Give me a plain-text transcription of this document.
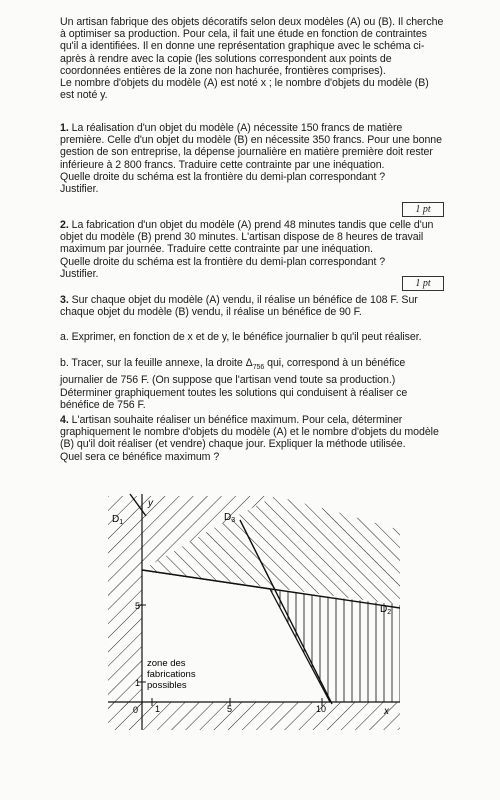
Un artisan fabrique des objets décoratifs selon deux modèles (A) ou (B). Il cherche à optimiser sa production. Pour cela, il fait une étude en fonction de contraintes qu'il a identifiées. Il en donne une représentation graphique avec le schéma ci-après à rendre avec la copie (les solutions correspondent aux points de coordonnées entières de la zone non hachurée, frontières comprises).

Le nombre d'objets du modèle (A) est noté x ; le nombre d'objets du modèle (B) est noté y.

1. La réalisation d'un objet du modèle (A) nécessite 150 francs de matière première. Celle d'un objet du modèle (B) en nécessite 350 francs. Pour une bonne gestion de son entreprise, la dépense journalière en matière première doit rester inférieure à 2 800 francs. Traduire cette contrainte par une inéquation.

Quelle droite du schéma est la frontière du demi-plan correspondant ?

Justifier.

1 pt

2. La fabrication d'un objet du modèle (A) prend 48 minutes tandis que celle d'un objet du modèle (B) prend 30 minutes. L'artisan dispose de 8 heures de travail maximum par journée. Traduire cette contrainte par une inéquation.

Quelle droite du schéma est la frontière du demi-plan correspondant ?

Justifier.

1 pt

3. Sur chaque objet du modèle (A) vendu, il réalise un bénéfice de 108 F. Sur chaque objet du modèle (B) vendu, il réalise un bénéfice de 90 F.

a. Exprimer, en fonction de x et de y, le bénéfice journalier b qu'il peut réaliser.

b. Tracer, sur la feuille annexe, la droite $\Delta_{756}$ qui, correspond à un bénéfice journalier de 756 F. (On suppose que l'artisan vend toute sa production.) Déterminer graphiquement toutes les solutions qui conduisent à réaliser ce bénéfice de 756 F.

4. L'artisan souhaite réaliser un bénéfice maximum. Pour cela, déterminer graphiquement le nombre d'objets du modèle (A) et le nombre d'objets du modèle (B) qu'il doit réaliser (et vendre) chaque jour. Expliquer la méthode utilisée.

Quel sera ce bénéfice maximum ?

$D_1$	$D_3$
$D_2$
y
x
0 1	5	10
1
5
zone des
fabrications
possibles
